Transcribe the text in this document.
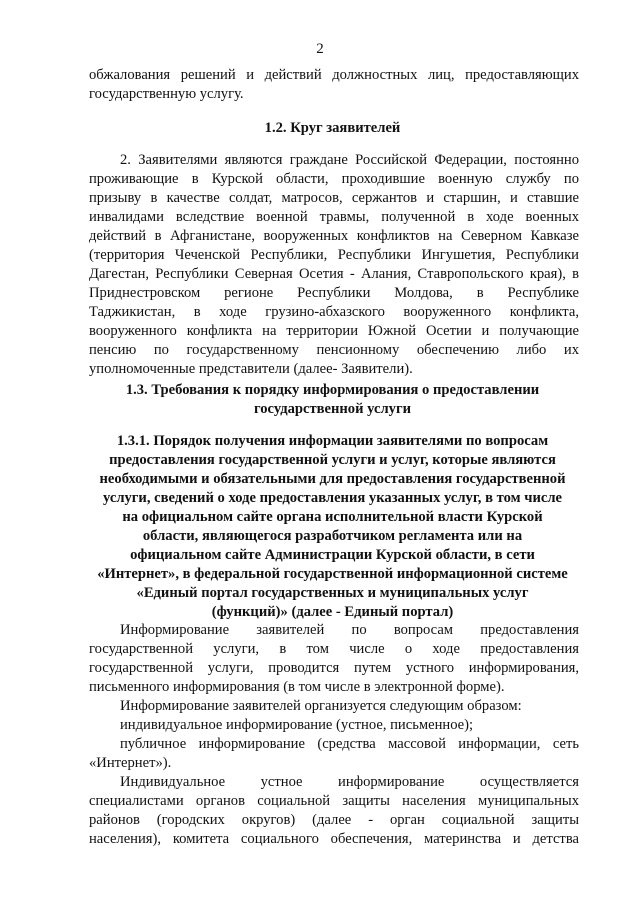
2
обжалования решений и действий должностных лиц, предоставляющих
государственную услугу.
1.2. Круг заявителей
2. Заявителями являются граждане Российской Федерации, постоянно
проживающие в Курской области, проходившие военную службу по
призыву в качестве солдат, матросов, сержантов и старшин, и ставшие
инвалидами вследствие военной травмы, полученной в ходе военных
действий в Афганистане, вооруженных конфликтов на Северном Кавказе
(территория Чеченской Республики, Республики Ингушетия, Республики
Дагестан, Республики Северная Осетия - Алания, Ставропольского края), в
Приднестровском регионе Республики Молдова, в Республике
Таджикистан, в ходе грузино-абхазского вооруженного конфликта,
вооруженного конфликта на территории Южной Осетии и получающие
пенсию по государственному пенсионному обеспечению либо их
уполномоченные представители (далее- Заявители).
1.3. Требования к порядку информирования о предоставлении
государственной услуги
1.3.1. Порядок получения информации заявителями по вопросам
предоставления государственной услуги и услуг, которые являются
необходимыми и обязательными для предоставления государственной
услуги, сведений о ходе предоставления указанных услуг, в том числе
на официальном сайте органа исполнительной власти Курской
области, являющегося разработчиком регламента или на
официальном сайте Администрации Курской области, в сети
«Интернет», в федеральной государственной информационной системе
«Единый портал государственных и муниципальных услуг
(функций)» (далее - Единый портал)
Информирование заявителей по вопросам предоставления
государственной услуги, в том числе о ходе предоставления
государственной услуги, проводится путем устного информирования,
письменного информирования (в том числе в электронной форме).
Информирование заявителей организуется следующим образом:
индивидуальное информирование (устное, письменное);
публичное информирование (средства массовой информации, сеть
«Интернет»).
Индивидуальное устное информирование осуществляется
специалистами органов социальной защиты населения муниципальных
районов (городских округов) (далее - орган социальной защиты
населения), комитета социального обеспечения, материнства и детства
